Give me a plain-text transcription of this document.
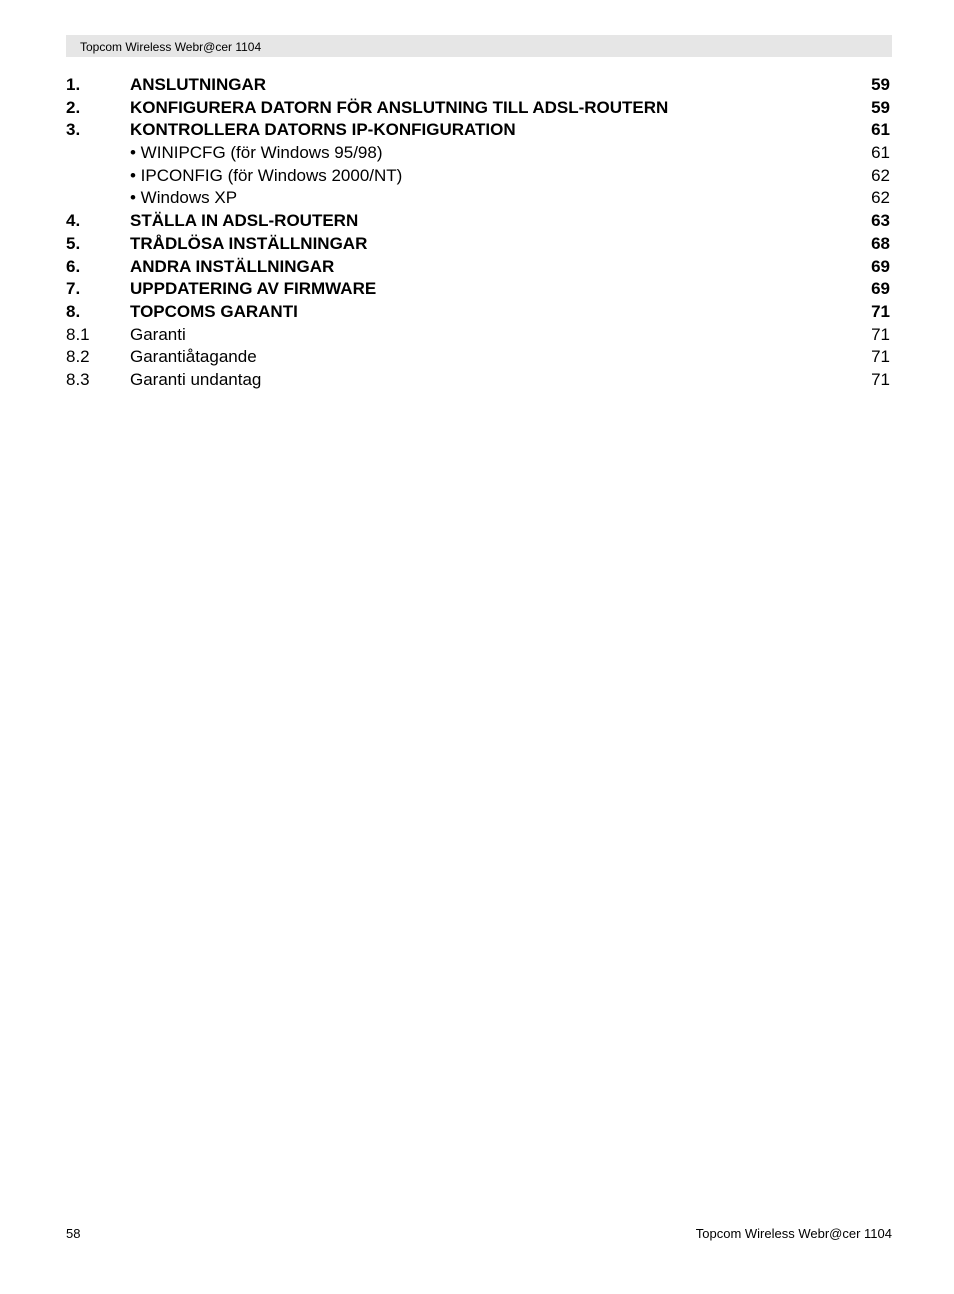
Topcom Wireless Webr@cer 1104
1.	ANSLUTNINGAR	59
2.	KONFIGURERA DATORN FÖR ANSLUTNING TILL ADSL-ROUTERN	59
3.	KONTROLLERA DATORNS IP-KONFIGURATION	61
• WINIPCFG (för Windows 95/98)	61
• IPCONFIG (för Windows 2000/NT)	62
• Windows XP	62
4.	STÄLLA IN ADSL-ROUTERN	63
5.	TRÅDLÖSA INSTÄLLNINGAR	68
6.	ANDRA INSTÄLLNINGAR	69
7.	UPPDATERING AV FIRMWARE	69
8.	TOPCOMS GARANTI	71
8.1 Garanti	71
8.2 Garantiåtagande	71
8.3 Garanti undantag	71
58	Topcom Wireless Webr@cer 1104
